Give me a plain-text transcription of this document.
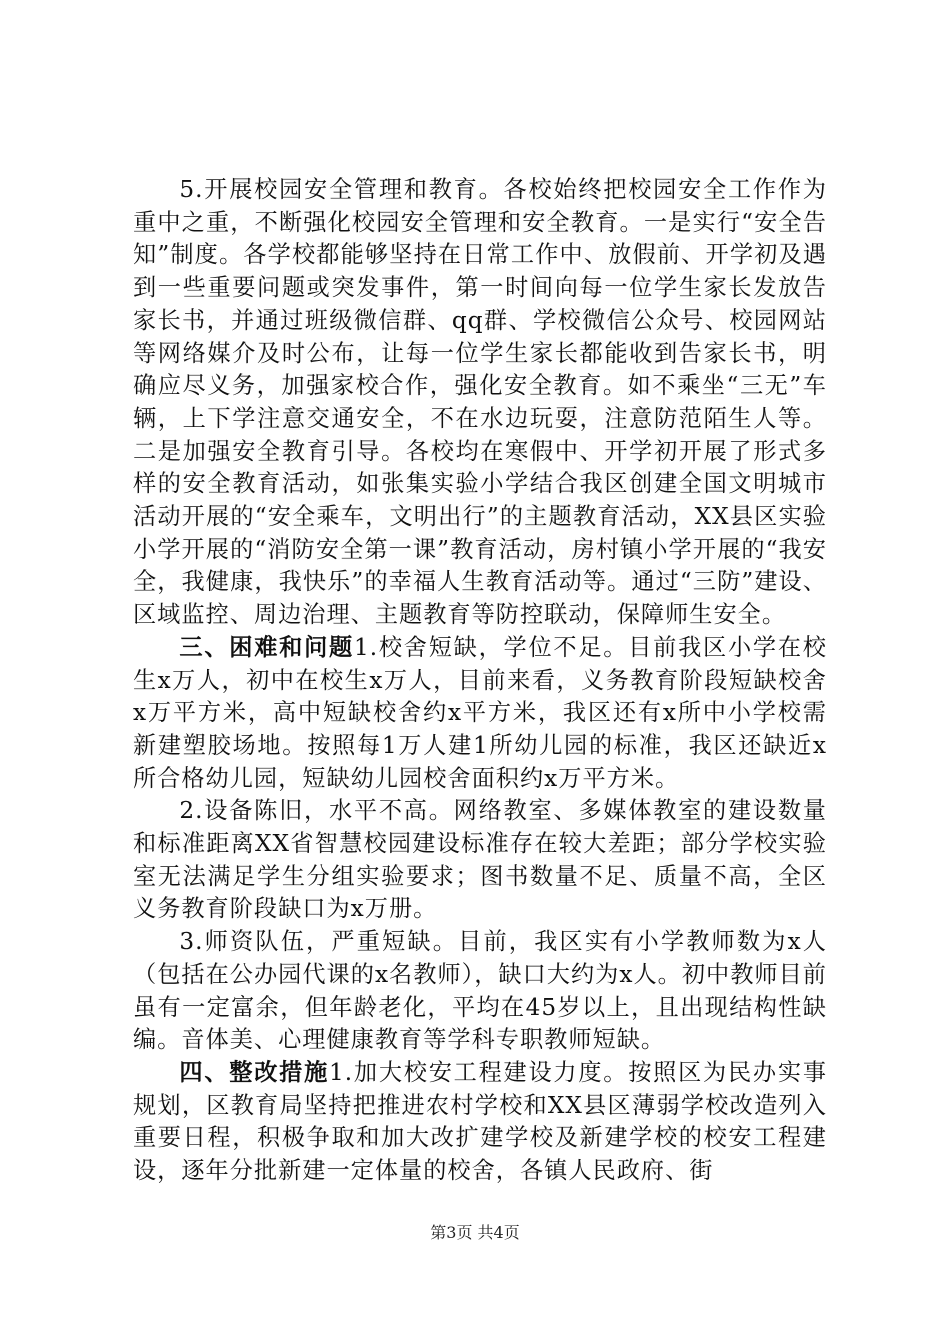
5.开展校园安全管理和教育。各校始终把校园安全工作作为重中之重，不断强化校园安全管理和安全教育。一是实行“安全告知”制度。各学校都能够坚持在日常工作中、放假前、开学初及遇到一些重要问题或突发事件，第一时间向每一位学生家长发放告家长书，并通过班级微信群、qq群、学校微信公众号、校园网站等网络媒介及时公布，让每一位学生家长都能收到告家长书，明确应尽义务，加强家校合作，强化安全教育。如不乘坐“三无”车辆，上下学注意交通安全，不在水边玩耍，注意防范陌生人等。二是加强安全教育引导。各校均在寒假中、开学初开展了形式多样的安全教育活动，如张集实验小学结合我区创建全国文明城市活动开展的“安全乘车，文明出行”的主题教育活动，XX县区实验小学开展的“消防安全第一课”教育活动，房村镇小学开展的“我安全，我健康，我快乐”的幸福人生教育活动等。通过“三防”建设、区域监控、周边治理、主题教育等防控联动，保障师生安全。

三、困难和问题1.校舍短缺，学位不足。目前我区小学在校生x万人，初中在校生x万人，目前来看，义务教育阶段短缺校舍x万平方米，高中短缺校舍约x平方米，我区还有x所中小学校需新建塑胶场地。按照每1万人建1所幼儿园的标准，我区还缺近x所合格幼儿园，短缺幼儿园校舍面积约x万平方米。

2.设备陈旧，水平不高。网络教室、多媒体教室的建设数量和标准距离XX省智慧校园建设标准存在较大差距；部分学校实验室无法满足学生分组实验要求；图书数量不足、质量不高，全区义务教育阶段缺口为x万册。

3.师资队伍，严重短缺。目前，我区实有小学教师数为x人（包括在公办园代课的x名教师），缺口大约为x人。初中教师目前虽有一定富余，但年龄老化，平均在45岁以上，且出现结构性缺编。音体美、心理健康教育等学科专职教师短缺。

四、整改措施1.加大校安工程建设力度。按照区为民办实事规划，区教育局坚持把推进农村学校和XX县区薄弱学校改造列入重要日程，积极争取和加大改扩建学校及新建学校的校安工程建设，逐年分批新建一定体量的校舍，各镇人民政府、街

第3页 共4页
